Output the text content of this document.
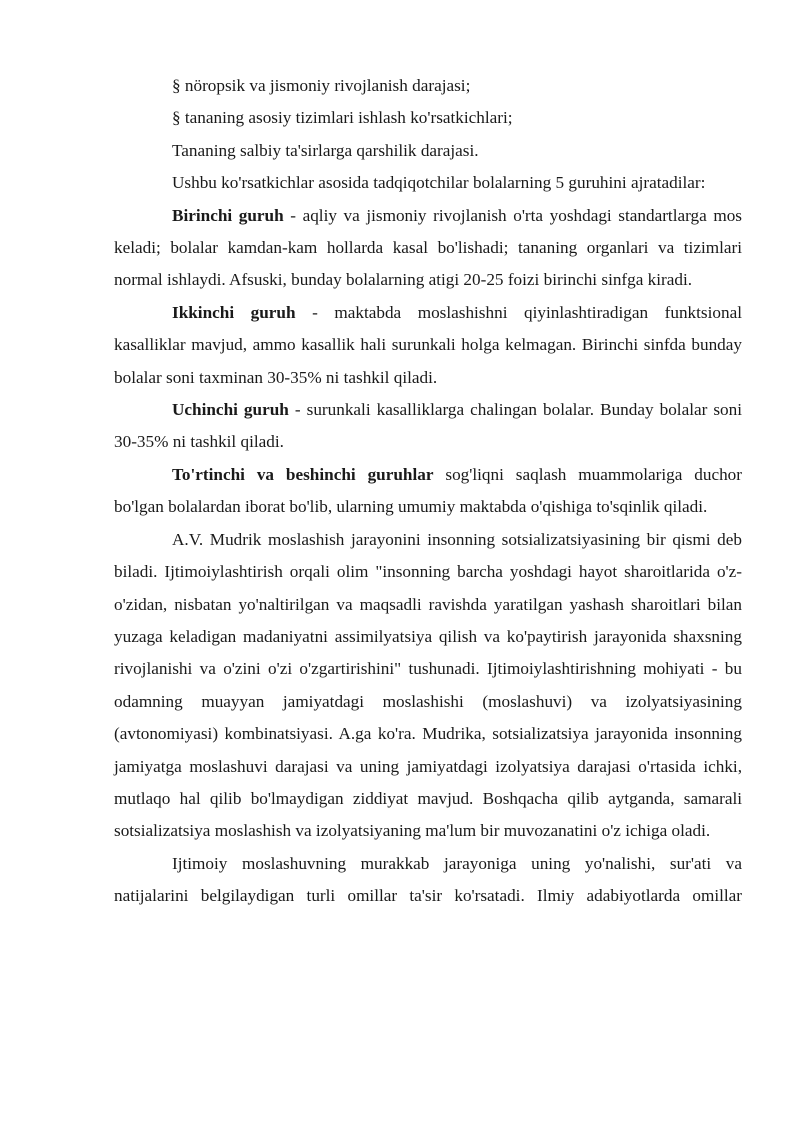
§ nöropsik va jismoniy rivojlanish darajasi;

§ tananing asosiy tizimlari ishlash ko'rsatkichlari;

Tananing salbiy ta'sirlarga qarshilik darajasi.

Ushbu ko'rsatkichlar asosida tadqiqotchilar bolalarning 5 guruhini ajratadilar:

Birinchi guruh - aqliy va jismoniy rivojlanish o'rta yoshdagi standartlarga mos keladi; bolalar kamdan-kam hollarda kasal bo'lishadi; tananing organlari va tizimlari normal ishlaydi. Afsuski, bunday bolalarning atigi 20-25 foizi birinchi sinfga kiradi.

Ikkinchi guruh - maktabda moslashishni qiyinlashtiradigan funktsional kasalliklar mavjud, ammo kasallik hali surunkali holga kelmagan. Birinchi sinfda bunday bolalar soni taxminan 30-35% ni tashkil qiladi.

Uchinchi guruh - surunkali kasalliklarga chalingan bolalar. Bunday bolalar soni 30-35% ni tashkil qiladi.

To'rtinchi va beshinchi guruhlar sog'liqni saqlash muammolariga duchor bo'lgan bolalardan iborat bo'lib, ularning umumiy maktabda o'qishiga to'sqinlik qiladi.

A.V. Mudrik moslashish jarayonini insonning sotsializatsiyasining bir qismi deb biladi. Ijtimoiylashtirish orqali olim "insonning barcha yoshdagi hayot sharoitlarida o'z-o'zidan, nisbatan yo'naltirilgan va maqsadli ravishda yaratilgan yashash sharoitlari bilan yuzaga keladigan madaniyatni assimilyatsiya qilish va ko'paytirish jarayonida shaxsning rivojlanishi va o'zini o'zi o'zgartirishini" tushunadi. Ijtimoiylashtirishning mohiyati - bu odamning muayyan jamiyatdagi moslashishi (moslashuvi) va izolyatsiyasining (avtonomiyasi) kombinatsiyasi. A.ga ko'ra. Mudrika, sotsializatsiya jarayonida insonning jamiyatga moslashuvi darajasi va uning jamiyatdagi izolyatsiya darajasi o'rtasida ichki, mutlaqo hal qilib bo'lmaydigan ziddiyat mavjud. Boshqacha qilib aytganda, samarali sotsializatsiya moslashish va izolyatsiyaning ma'lum bir muvozanatini o'z ichiga oladi.

Ijtimoiy moslashuvning murakkab jarayoniga uning yo'nalishi, sur'ati va natijalarini belgilaydigan turli omillar ta'sir ko'rsatadi. Ilmiy adabiyotlarda omillar
